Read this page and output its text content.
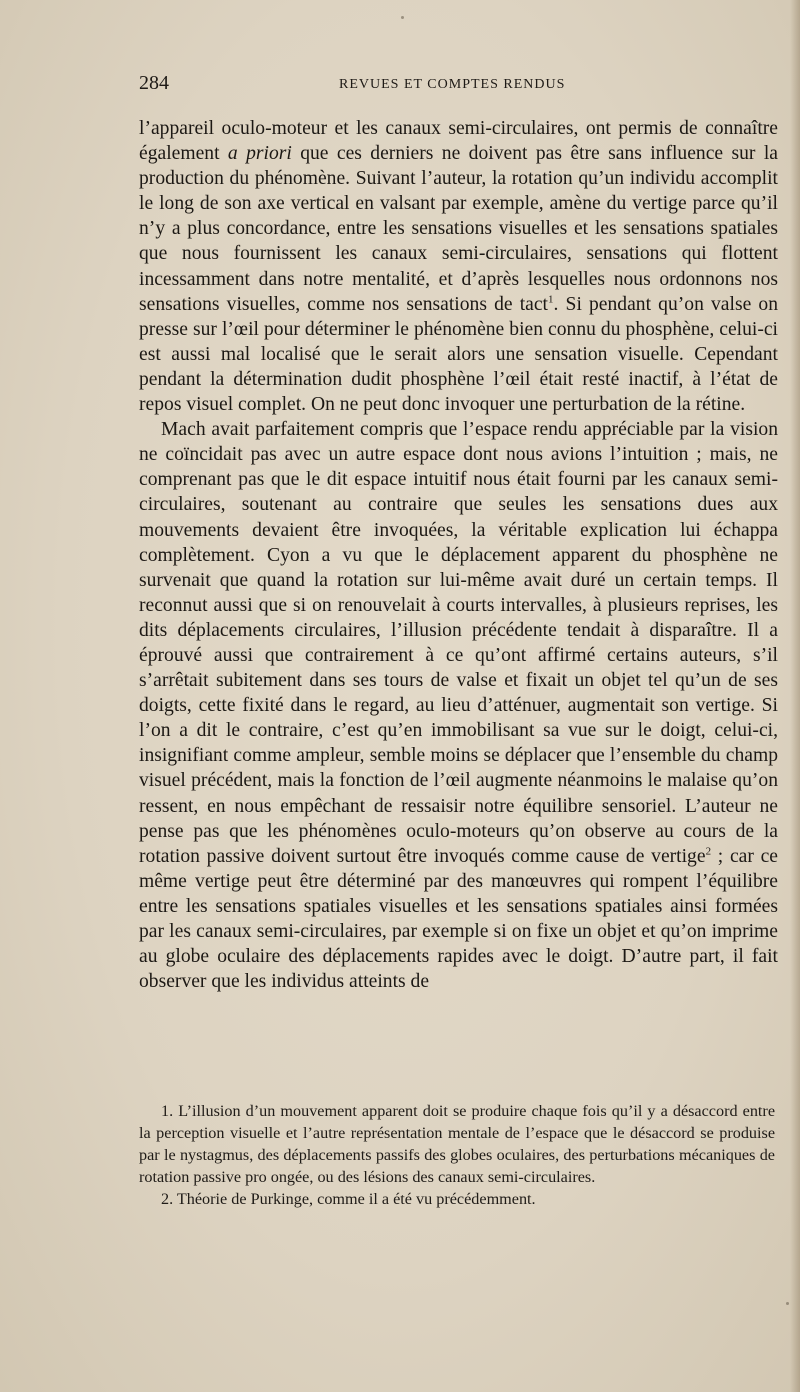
284	REVUES ET COMPTES RENDUS

l’appareil oculo-moteur et les canaux semi-circulaires, ont permis de connaître également a priori que ces derniers ne doivent pas être sans influence sur la production du phénomène. Suivant l’auteur, la rotation qu’un individu accomplit le long de son axe vertical en valsant par exemple, amène du vertige parce qu’il n’y a plus concordance, entre les sensations visuelles et les sensations spatiales que nous fournissent les canaux semi-circulaires, sensations qui flottent incessamment dans notre mentalité, et d’après lesquelles nous ordonnons nos sensations visuelles, comme nos sensations de tact$^1$. Si pendant qu’on valse on presse sur l’œil pour déterminer le phénomène bien connu du phosphène, celui-ci est aussi mal localisé que le serait alors une sensation visuelle. Cependant pendant la détermination dudit phosphène l’œil était resté inactif, à l’état de repos visuel complet. On ne peut donc invoquer une perturbation de la rétine.

Mach avait parfaitement compris que l’espace rendu appréciable par la vision ne coïncidait pas avec un autre espace dont nous avions l’intuition ; mais, ne comprenant pas que le dit espace intuitif nous était fourni par les canaux semi-circulaires, soutenant au contraire que seules les sensations dues aux mouvements devaient être invoquées, la véritable explication lui échappa complètement. Cyon a vu que le déplacement apparent du phosphène ne survenait que quand la rotation sur lui-même avait duré un certain temps. Il reconnut aussi que si on renouvelait à courts intervalles, à plusieurs reprises, les dits déplacements circulaires, l’illusion précédente tendait à disparaître. Il a éprouvé aussi que contrairement à ce qu’ont affirmé certains auteurs, s’il s’arrêtait subitement dans ses tours de valse et fixait un objet tel qu’un de ses doigts, cette fixité dans le regard, au lieu d’atténuer, augmentait son vertige. Si l’on a dit le contraire, c’est qu’en immobilisant sa vue sur le doigt, celui-ci, insignifiant comme ampleur, semble moins se déplacer que l’ensemble du champ visuel précédent, mais la fonction de l’œil augmente néanmoins le malaise qu’on ressent, en nous empêchant de ressaisir notre équilibre sensoriel. L’auteur ne pense pas que les phénomènes oculo-moteurs qu’on observe au cours de la rotation passive doivent surtout être invoqués comme cause de vertige$^2$ ; car ce même vertige peut être déterminé par des manœuvres qui rompent l’équilibre entre les sensations spatiales visuelles et les sensations spatiales ainsi formées par les canaux semi-circulaires, par exemple si on fixe un objet et qu’on imprime au globe oculaire des déplacements rapides avec le doigt. D’autre part, il fait observer que les individus atteints de

1. L’illusion d’un mouvement apparent doit se produire chaque fois qu’il y a désaccord entre la perception visuelle et l’autre représentation mentale de l’espace que le désaccord se produise par le nystagmus, des déplacements passifs des globes oculaires, des perturbations mécaniques de rotation passive pro ongée, ou des lésions des canaux semi-circulaires.

2. Théorie de Purkinge, comme il a été vu précédemment.
